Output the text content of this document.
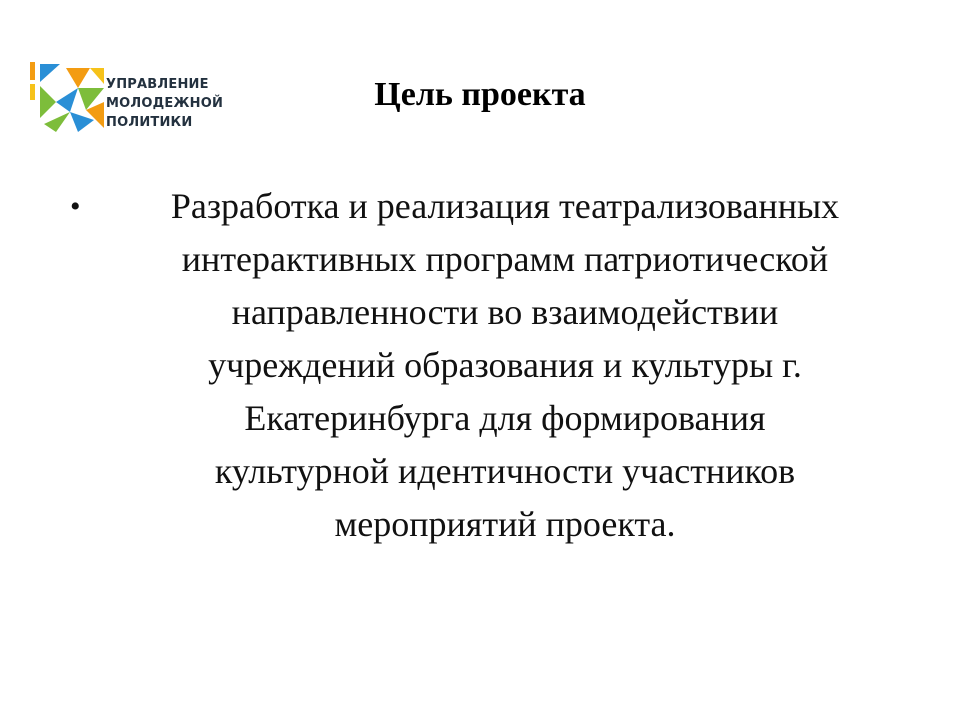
УПРАВЛЕНИЕ
МОЛОДЕЖНОЙ
ПОЛИТИКИ
Цель проекта
•	Разработка и реализация театрализованных
интерактивных программ патриотической
направленности во взаимодействии
учреждений образования и культуры г.
Екатеринбурга для формирования
культурной идентичности участников
мероприятий проекта.
